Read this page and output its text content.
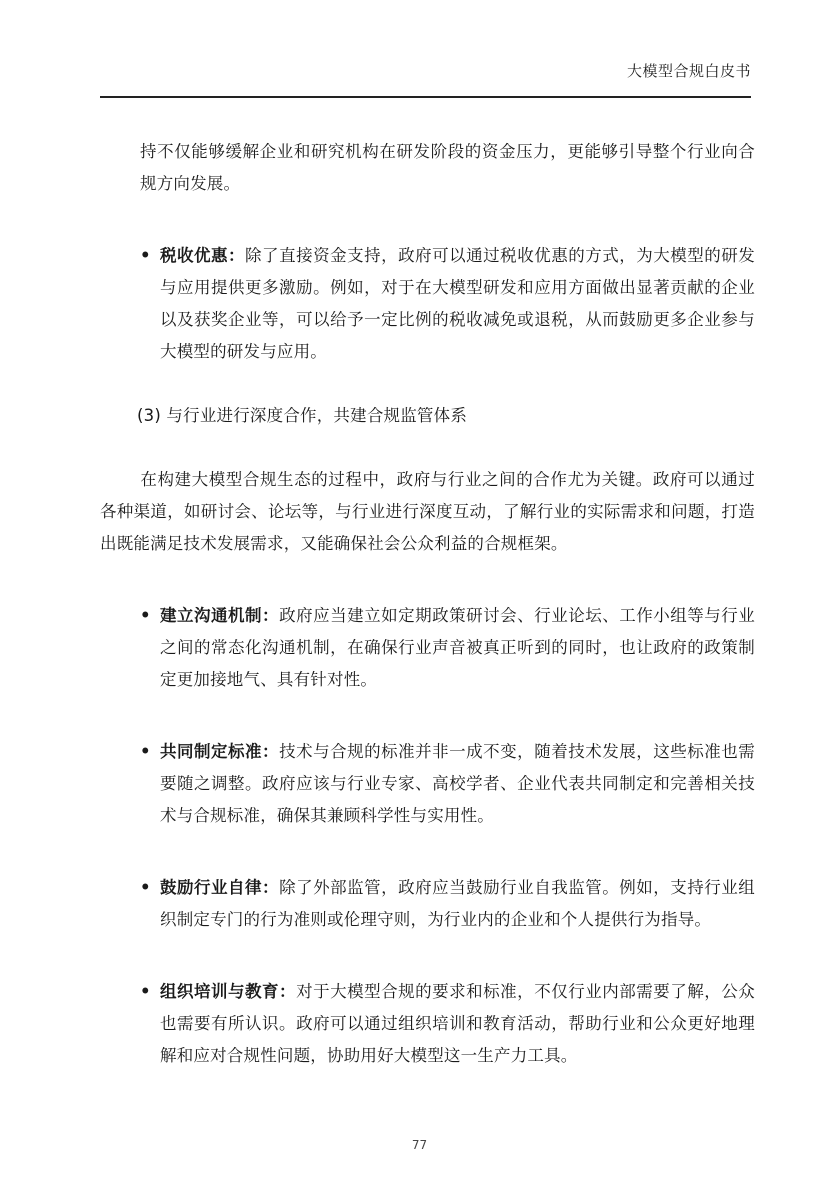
大模型合规白皮书

持不仅能够缓解企业和研究机构在研发阶段的资金压力，更能够引导整个行业向合规方向发展。

• 税收优惠：除了直接资金支持，政府可以通过税收优惠的方式，为大模型的研发与应用提供更多激励。例如，对于在大模型研发和应用方面做出显著贡献的企业以及获奖企业等，可以给予一定比例的税收减免或退税，从而鼓励更多企业参与大模型的研发与应用。

(3) 与行业进行深度合作，共建合规监管体系

在构建大模型合规生态的过程中，政府与行业之间的合作尤为关键。政府可以通过各种渠道，如研讨会、论坛等，与行业进行深度互动，了解行业的实际需求和问题，打造出既能满足技术发展需求，又能确保社会公众利益的合规框架。

• 建立沟通机制：政府应当建立如定期政策研讨会、行业论坛、工作小组等与行业之间的常态化沟通机制，在确保行业声音被真正听到的同时，也让政府的政策制定更加接地气、具有针对性。
• 共同制定标准：技术与合规的标准并非一成不变，随着技术发展，这些标准也需要随之调整。政府应该与行业专家、高校学者、企业代表共同制定和完善相关技术与合规标准，确保其兼顾科学性与实用性。
• 鼓励行业自律：除了外部监管，政府应当鼓励行业自我监管。例如，支持行业组织制定专门的行为准则或伦理守则，为行业内的企业和个人提供行为指导。
• 组织培训与教育：对于大模型合规的要求和标准，不仅行业内部需要了解，公众也需要有所认识。政府可以通过组织培训和教育活动，帮助行业和公众更好地理解和应对合规性问题，协助用好大模型这一生产力工具。
77
